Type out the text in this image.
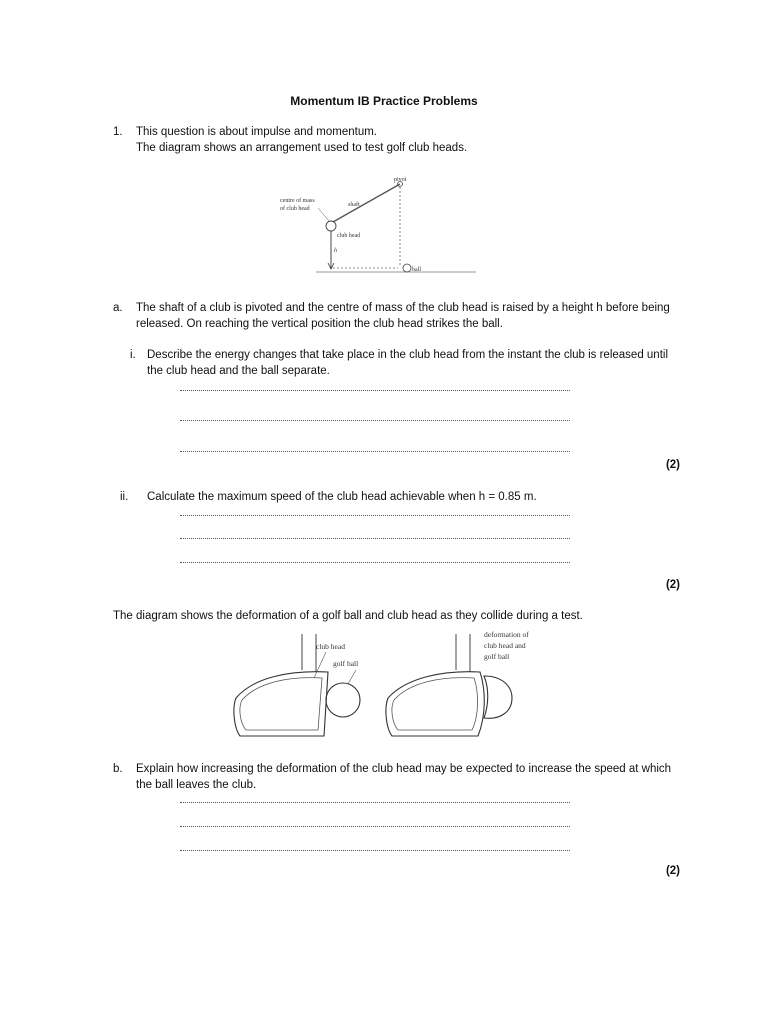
Momentum IB Practice Problems
1. This question is about impulse and momentum.
The diagram shows an arrangement used to test golf club heads.
pivot
centre of mass
of club head
shaft
club head
h
ball
a. The shaft of a club is pivoted and the centre of mass of the club head is raised by a height h before being
released. On reaching the vertical position the club head strikes the ball.
i. Describe the energy changes that take place in the club head from the instant the club is released until
the club head and the ball separate.
(2)
ii. Calculate the maximum speed of the club head achievable when h = 0.85 m.
(2)
The diagram shows the deformation of a golf ball and club head as they collide during a test.
club head
golf ball
deformation of
club head and
golf ball
b. Explain how increasing the deformation of the club head may be expected to increase the speed at which
the ball leaves the club.
(2)
